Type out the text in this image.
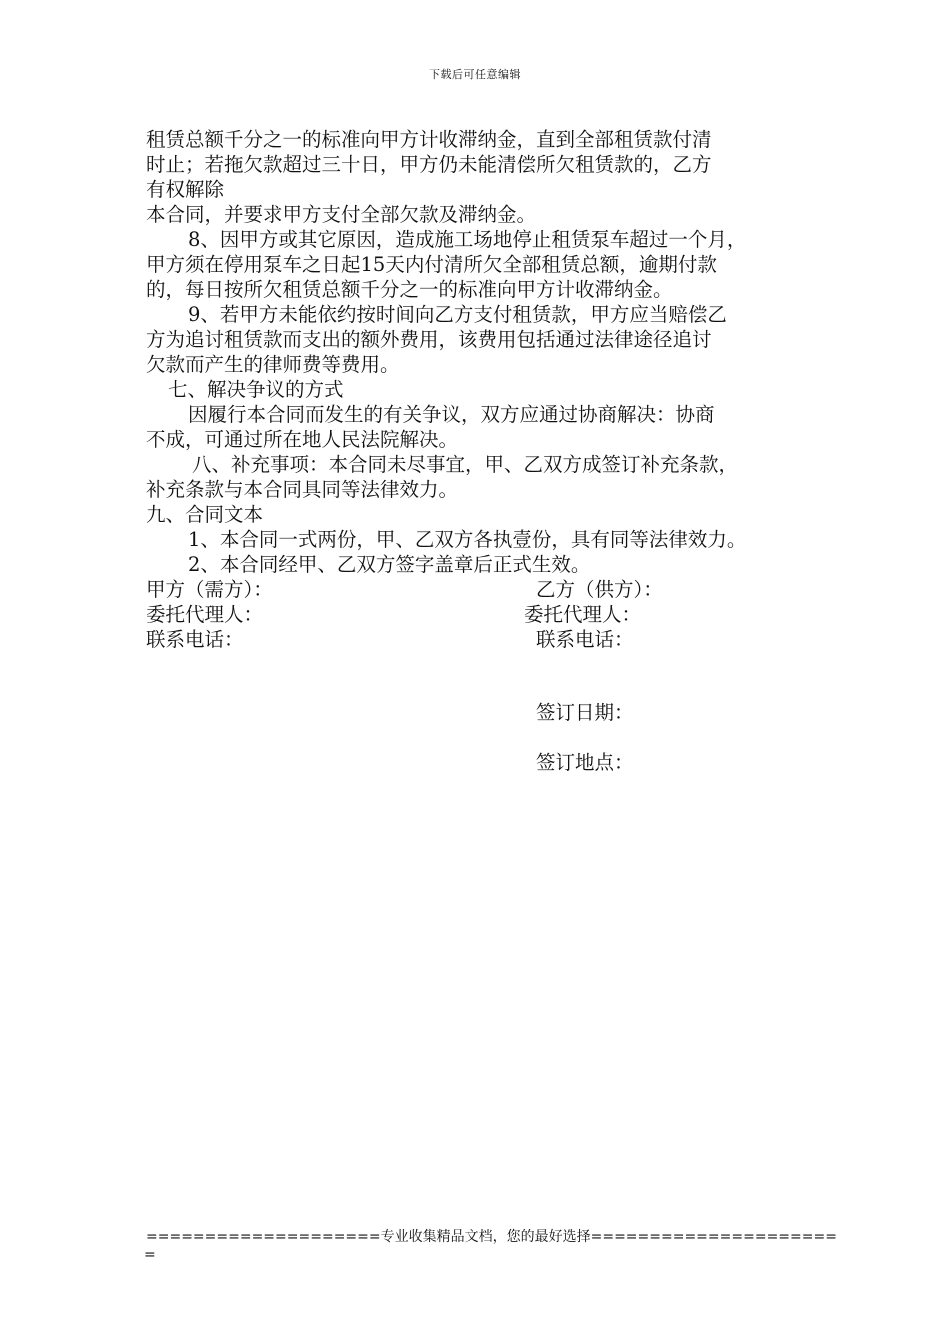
下载后可任意编辑
租赁总额千分之一的标准向甲方计收滞纳金，直到全部租赁款付清
时止；若拖欠款超过三十日，甲方仍未能清偿所欠租赁款的，乙方
有权解除
本合同，并要求甲方支付全部欠款及滞纳金。
8、因甲方或其它原因，造成施工场地停止租赁泵车超过一个月，
甲方须在停用泵车之日起15天内付清所欠全部租赁总额，逾期付款
的，每日按所欠租赁总额千分之一的标准向甲方计收滞纳金。
9、若甲方未能依约按时间向乙方支付租赁款，甲方应当赔偿乙
方为追讨租赁款而支出的额外费用，该费用包括通过法律途径追讨
欠款而产生的律师费等费用。
七、解决争议的方式
因履行本合同而发生的有关争议，双方应通过协商解决：协商
不成，可通过所在地人民法院解决。
八、补充事项：本合同未尽事宜，甲、乙双方成签订补充条款，
补充条款与本合同具同等法律效力。
九、合同文本
1、本合同一式两份，甲、乙双方各执壹份，具有同等法律效力。
2、本合同经甲、乙双方签字盖章后正式生效。
甲方（需方）：	乙方（供方）：
委托代理人：	委托代理人：
联系电话：	联系电话：
签订日期：
签订地点：
====================专业收集精品文档，您的最好选择=====================
=
